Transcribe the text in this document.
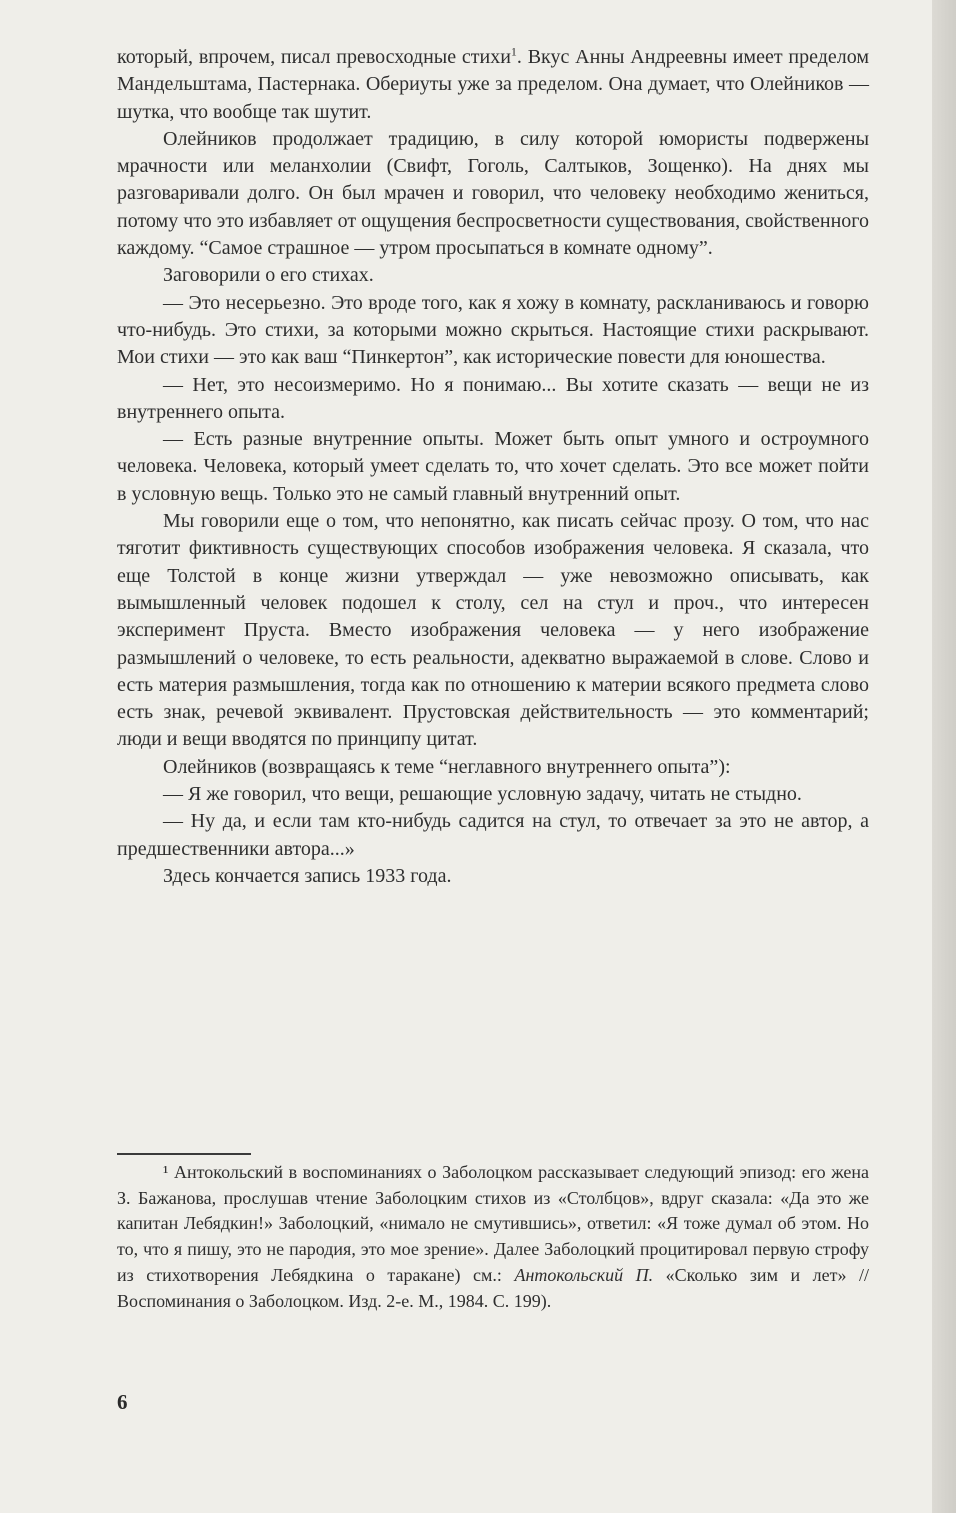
который, впрочем, писал превосходные стихи$^1$. Вкус Анны Андреевны имеет пределом Мандельштама, Пастернака. Обериуты уже за пределом. Она думает, что Олейников — шутка, что вообще так шутит.

Олейников продолжает традицию, в силу которой юмористы подвержены мрачности или меланхолии (Свифт, Гоголь, Салтыков, Зощенко). На днях мы разговаривали долго. Он был мрачен и говорил, что человеку необходимо жениться, потому что это избавляет от ощущения беспросветности существования, свойственного каждому. “Самое страшное — утром просыпаться в комнате одному”.

Заговорили о его стихах.

— Это несерьезно. Это вроде того, как я хожу в комнату, раскланиваюсь и говорю что-нибудь. Это стихи, за которыми можно скрыться. Настоящие стихи раскрывают. Мои стихи — это как ваш “Пинкертон”, как исторические повести для юношества.

— Нет, это несоизмеримо. Но я понимаю... Вы хотите сказать — вещи не из внутреннего опыта.

— Есть разные внутренние опыты. Может быть опыт умного и остроумного человека. Человека, который умеет сделать то, что хочет сделать. Это все может пойти в условную вещь. Только это не самый главный внутренний опыт.

Мы говорили еще о том, что непонятно, как писать сейчас прозу. О том, что нас тяготит фиктивность существующих способов изображения человека. Я сказала, что еще Толстой в конце жизни утверждал — уже невозможно описывать, как вымышленный человек подошел к столу, сел на стул и проч., что интересен эксперимент Пруста. Вместо изображения человека — у него изображение размышлений о человеке, то есть реальности, адекватно выражаемой в слове. Слово и есть материя размышления, тогда как по отношению к материи всякого предмета слово есть знак, речевой эквивалент. Прустовская действительность — это комментарий; люди и вещи вводятся по принципу цитат.

Олейников (возвращаясь к теме “неглавного внутреннего опыта”):

— Я же говорил, что вещи, решающие условную задачу, читать не стыдно.

— Ну да, и если там кто-нибудь садится на стул, то отвечает за это не автор, а предшественники автора...»

Здесь кончается запись 1933 года.

¹ Антокольский в воспоминаниях о Заболоцком рассказывает следующий эпизод: его жена З. Бажанова, прослушав чтение Заболоцким стихов из «Столбцов», вдруг сказала: «Да это же капитан Лебядкин!» Заболоцкий, «нимало не смутившись», ответил: «Я тоже думал об этом. Но то, что я пишу, это не пародия, это мое зрение». Далее Заболоцкий процитировал первую строфу из стихотворения Лебядкина о таракане) см.: Антокольский П. «Сколько зим и лет» // Воспоминания о Заболоцком. Изд. 2-е. М., 1984. С. 199).
6
